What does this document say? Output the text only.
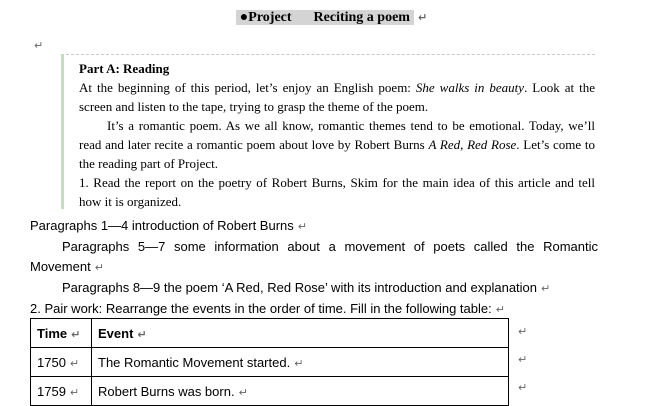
●Project Reciting a poem ↵
↵

Part A: Reading

At the beginning of this period, let’s enjoy an English poem: She walks in beauty. Look at the screen and listen to the tape, trying to grasp the theme of the poem.

It’s a romantic poem. As we all know, romantic themes tend to be emotional. Today, we’ll read and later recite a romantic poem about love by Robert Burns A Red, Red Rose. Let’s come to the reading part of Project.

1. Read the report on the poetry of Robert Burns, Skim for the main idea of this article and tell how it is organized.

Paragraphs 1—4 introduction of Robert Burns ↵

Paragraphs 5—7 some information about a movement of poets called the Romantic Movement ↵

Paragraphs 8—9 the poem ‘A Red, Red Rose’ with its introduction and explanation ↵

2. Pair work: Rearrange the events in the order of time. Fill in the following table: ↵

Time ↵	Event ↵
1750 ↵	The Romantic Movement started. ↵
1759 ↵	Robert Burns was born. ↵
↵
↵
↵
